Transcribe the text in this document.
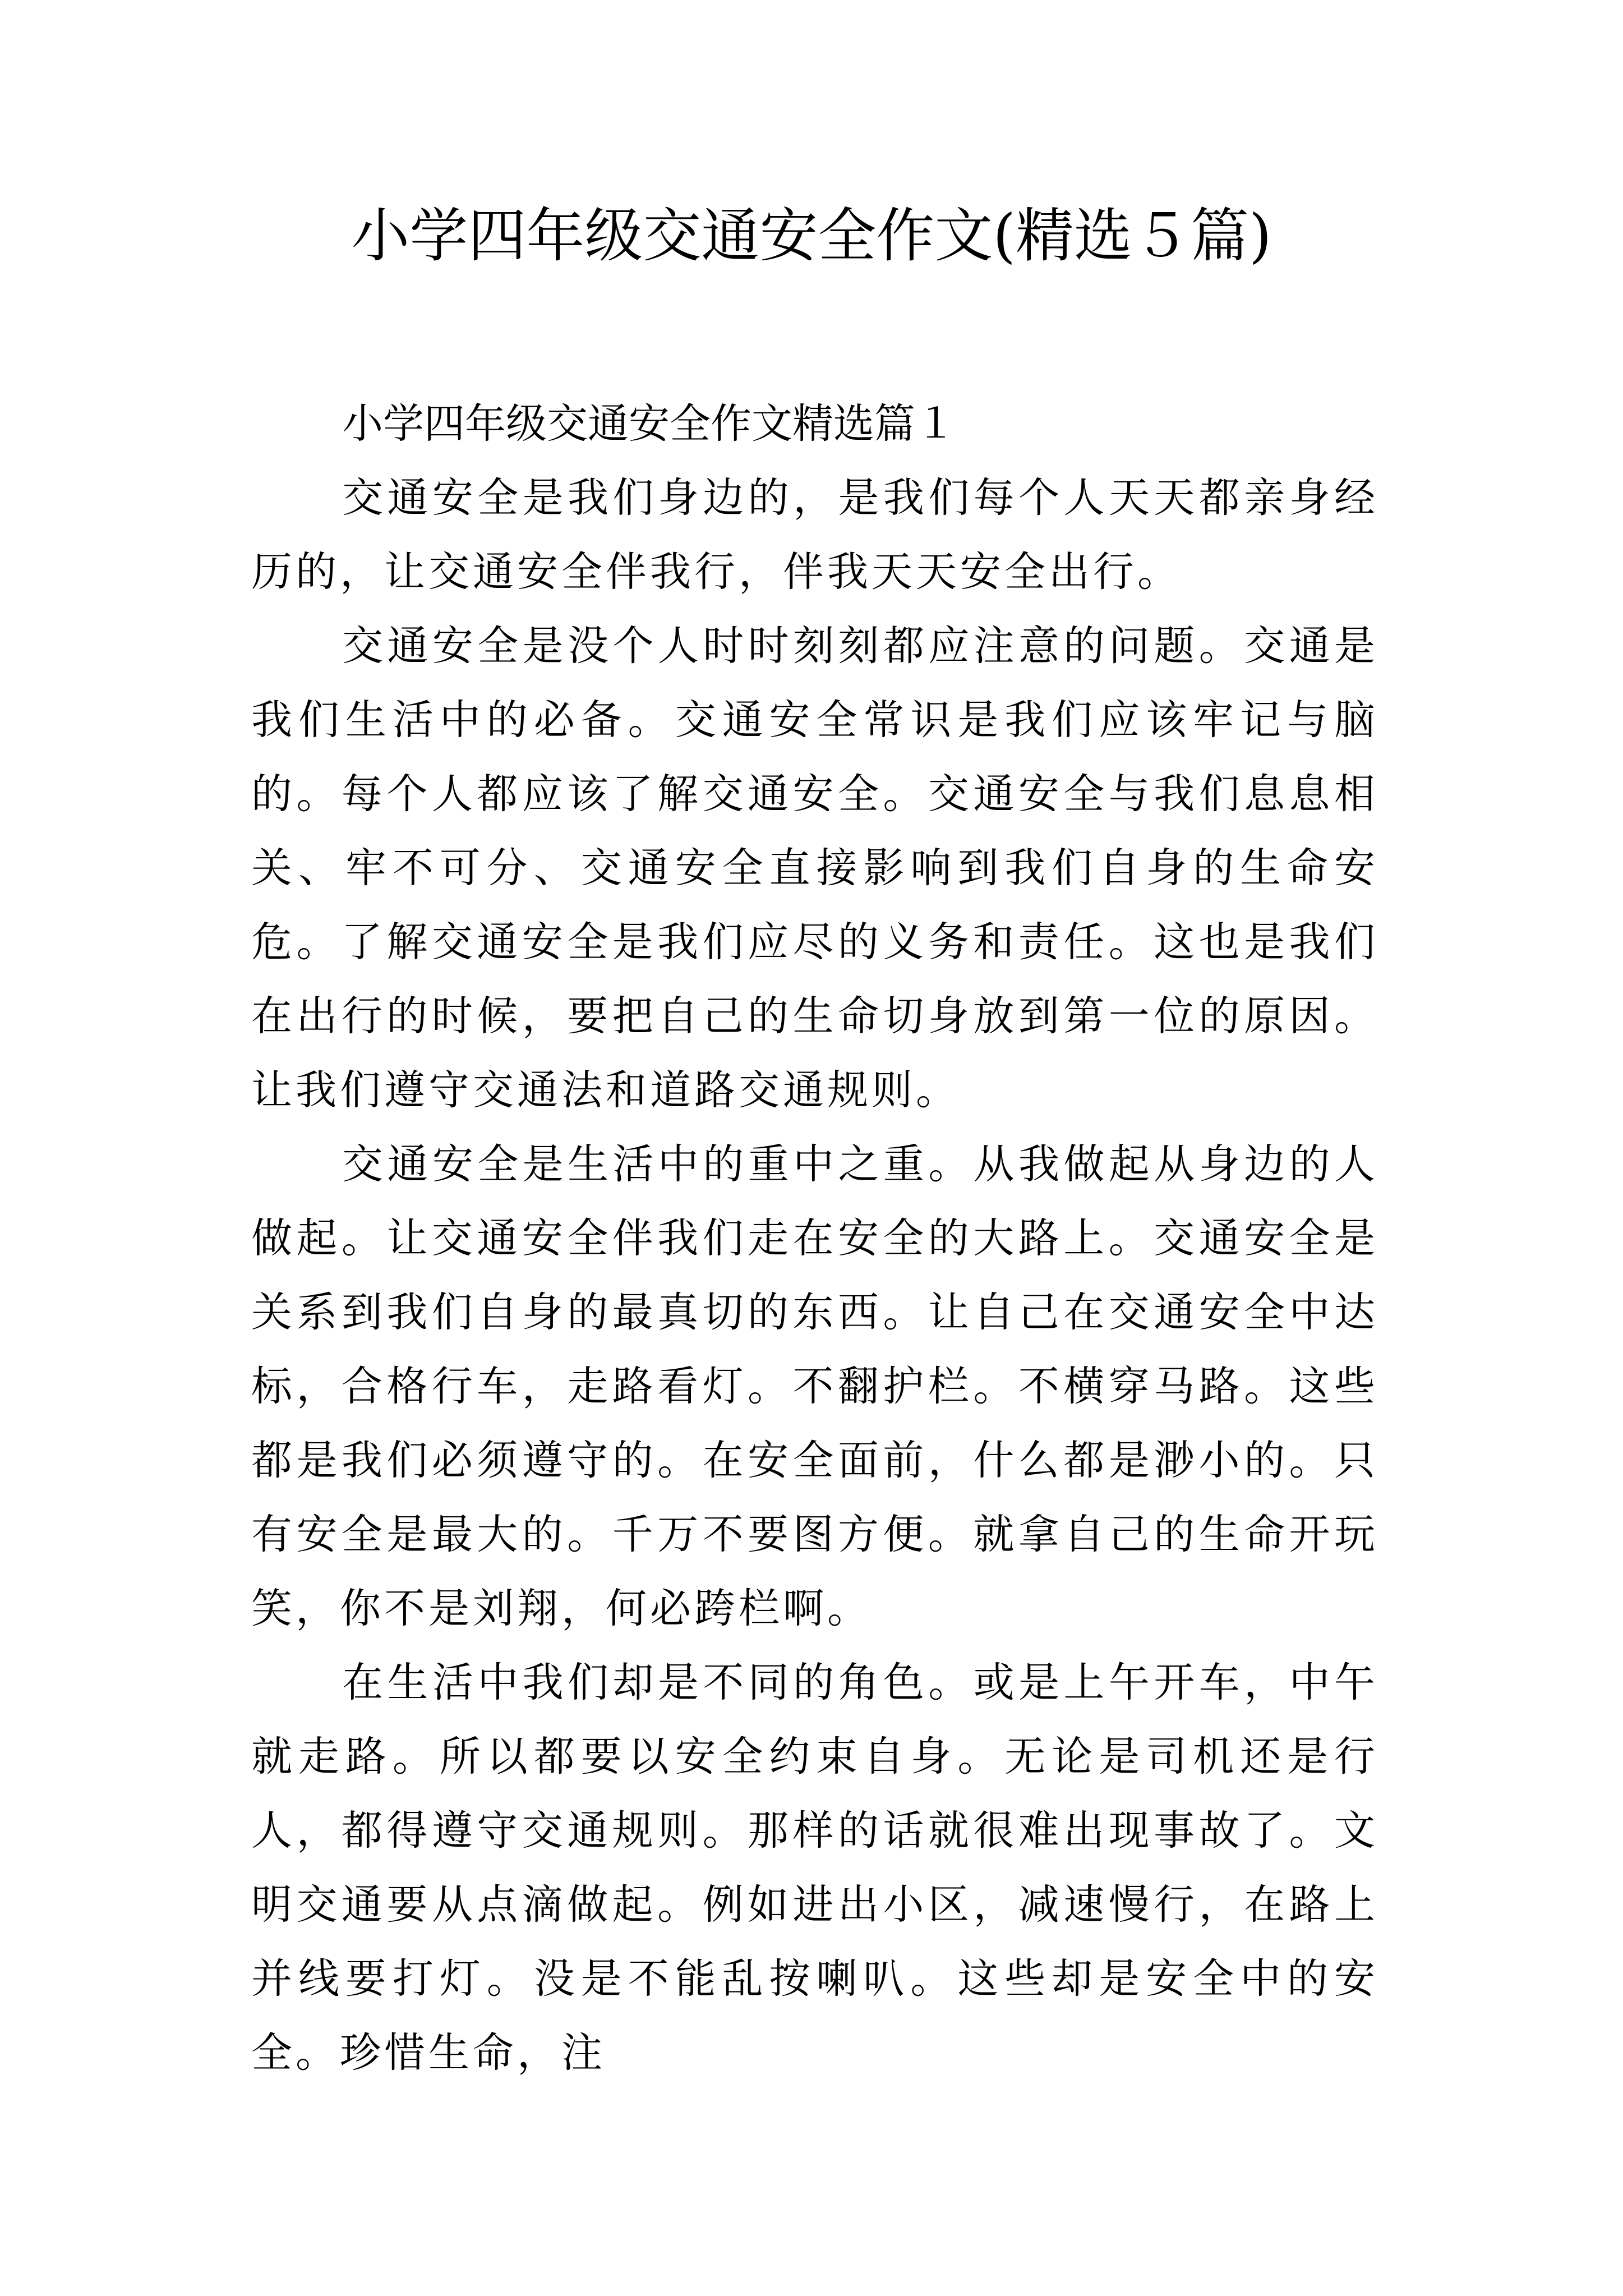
小学四年级交通安全作文(精选５篇)

小学四年级交通安全作文精选篇１

交通安全是我们身边的，是我们每个人天天都亲身经历的，让交通安全伴我行，伴我天天安全出行。

交通安全是没个人时时刻刻都应注意的问题。交通是我们生活中的必备。交通安全常识是我们应该牢记与脑的。每个人都应该了解交通安全。交通安全与我们息息相关、牢不可分、交通安全直接影响到我们自身的生命安危。了解交通安全是我们应尽的义务和责任。这也是我们在出行的时候，要把自己的生命切身放到第一位的原因。让我们遵守交通法和道路交通规则。

交通安全是生活中的重中之重。从我做起从身边的人做起。让交通安全伴我们走在安全的大路上。交通安全是关系到我们自身的最真切的东西。让自己在交通安全中达标，合格行车，走路看灯。不翻护栏。不横穿马路。这些都是我们必须遵守的。在安全面前，什么都是渺小的。只有安全是最大的。千万不要图方便。就拿自己的生命开玩笑，你不是刘翔，何必跨栏啊。

在生活中我们却是不同的角色。或是上午开车，中午就走路。所以都要以安全约束自身。无论是司机还是行人，都得遵守交通规则。那样的话就很难出现事故了。文明交通要从点滴做起。例如进出小区，减速慢行，在路上并线要打灯。没是不能乱按喇叭。这些却是安全中的安全。珍惜生命，注
